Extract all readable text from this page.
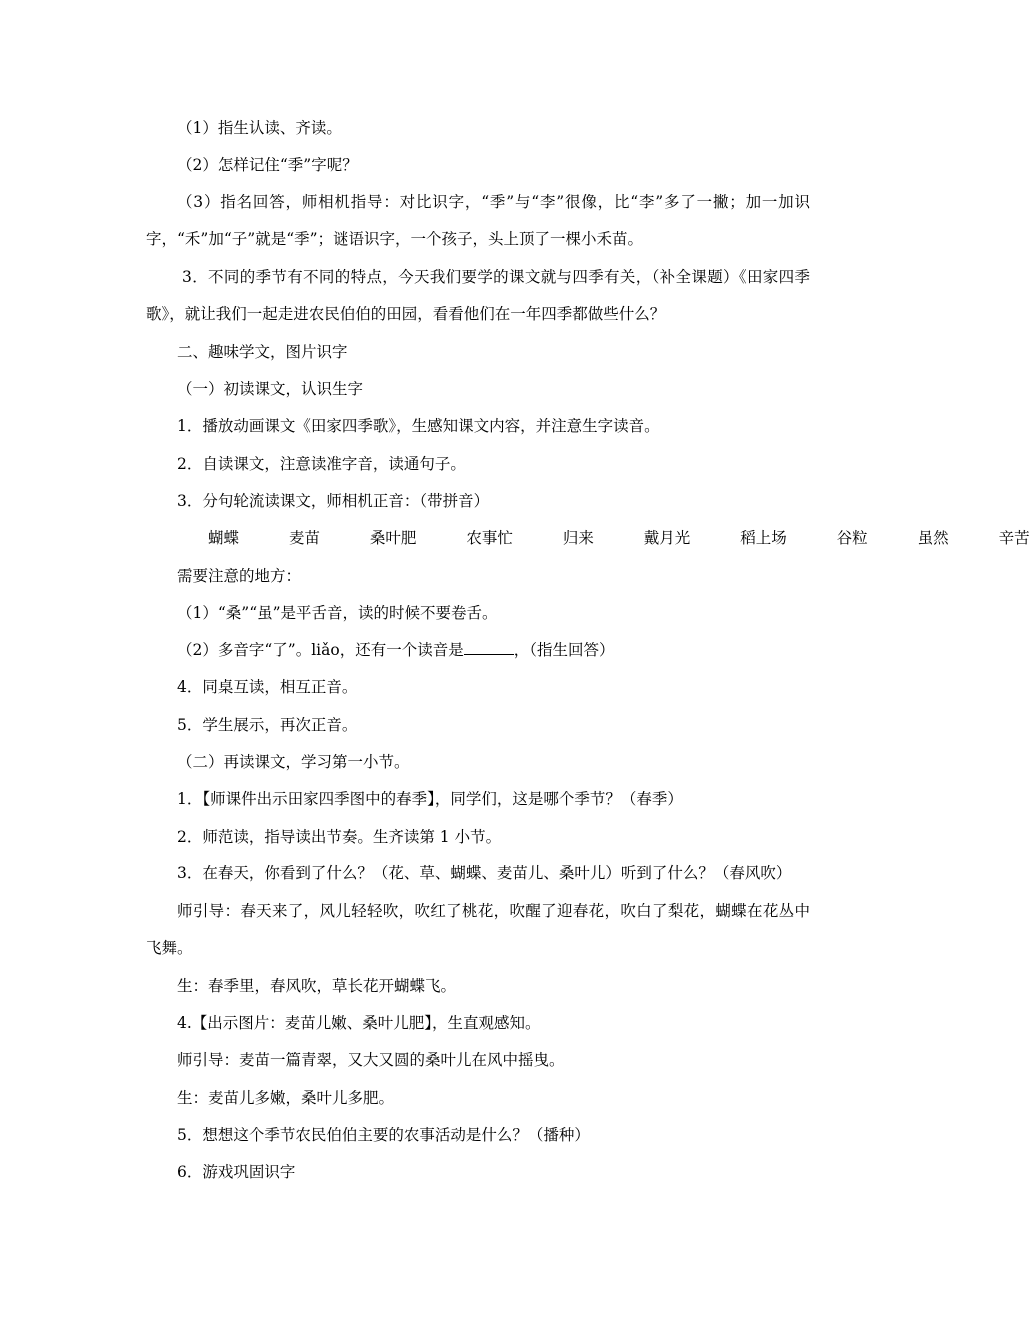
（1）指生认读、齐读。
（2）怎样记住“季”字呢？
（3）指名回答，师相机指导：对比识字，“季”与“李”很像，比“李”多了一撇；加一加识字，“禾”加“子”就是“季”；谜语识字，一个孩子，头上顶了一棵小禾苗。
3．不同的季节有不同的特点，今天我们要学的课文就与四季有关，（补全课题）《田家四季歌》，就让我们一起走进农民伯伯的田园，看看他们在一年四季都做些什么？
二、趣味学文，图片识字
（一）初读课文，认识生字
1．播放动画课文《田家四季歌》，生感知课文内容，并注意生字读音。
2．自读课文，注意读准字音，读通句子。
3．分句轮流读课文，师相机正音：（带拼音）
蝴蝶	麦苗	桑叶肥	农事忙	归来	戴月光	稻上场	谷粒	虽然	辛苦
需要注意的地方：
（1）“桑”“虽”是平舌音，读的时候不要卷舌。
（2）多音字“了”。liǎo，还有一个读音是	，（指生回答）
4．同桌互读，相互正音。
5．学生展示，再次正音。
（二）再读课文，学习第一小节。
1．【师课件出示田家四季图中的春季】，同学们，这是哪个季节？（春季）
2．师范读，指导读出节奏。生齐读第 1 小节。
3．在春天，你看到了什么？（花、草、蝴蝶、麦苗儿、桑叶儿）听到了什么？（春风吹）
师引导：春天来了，风儿轻轻吹，吹红了桃花，吹醒了迎春花，吹白了梨花，蝴蝶在花丛中飞舞。
生：春季里，春风吹，草长花开蝴蝶飞。
4.【出示图片：麦苗儿嫩、桑叶儿肥】，生直观感知。
师引导：麦苗一篇青翠，又大又圆的桑叶儿在风中摇曳。
生：麦苗儿多嫩，桑叶儿多肥。
5．想想这个季节农民伯伯主要的农事活动是什么？（播种）
6．游戏巩固识字
